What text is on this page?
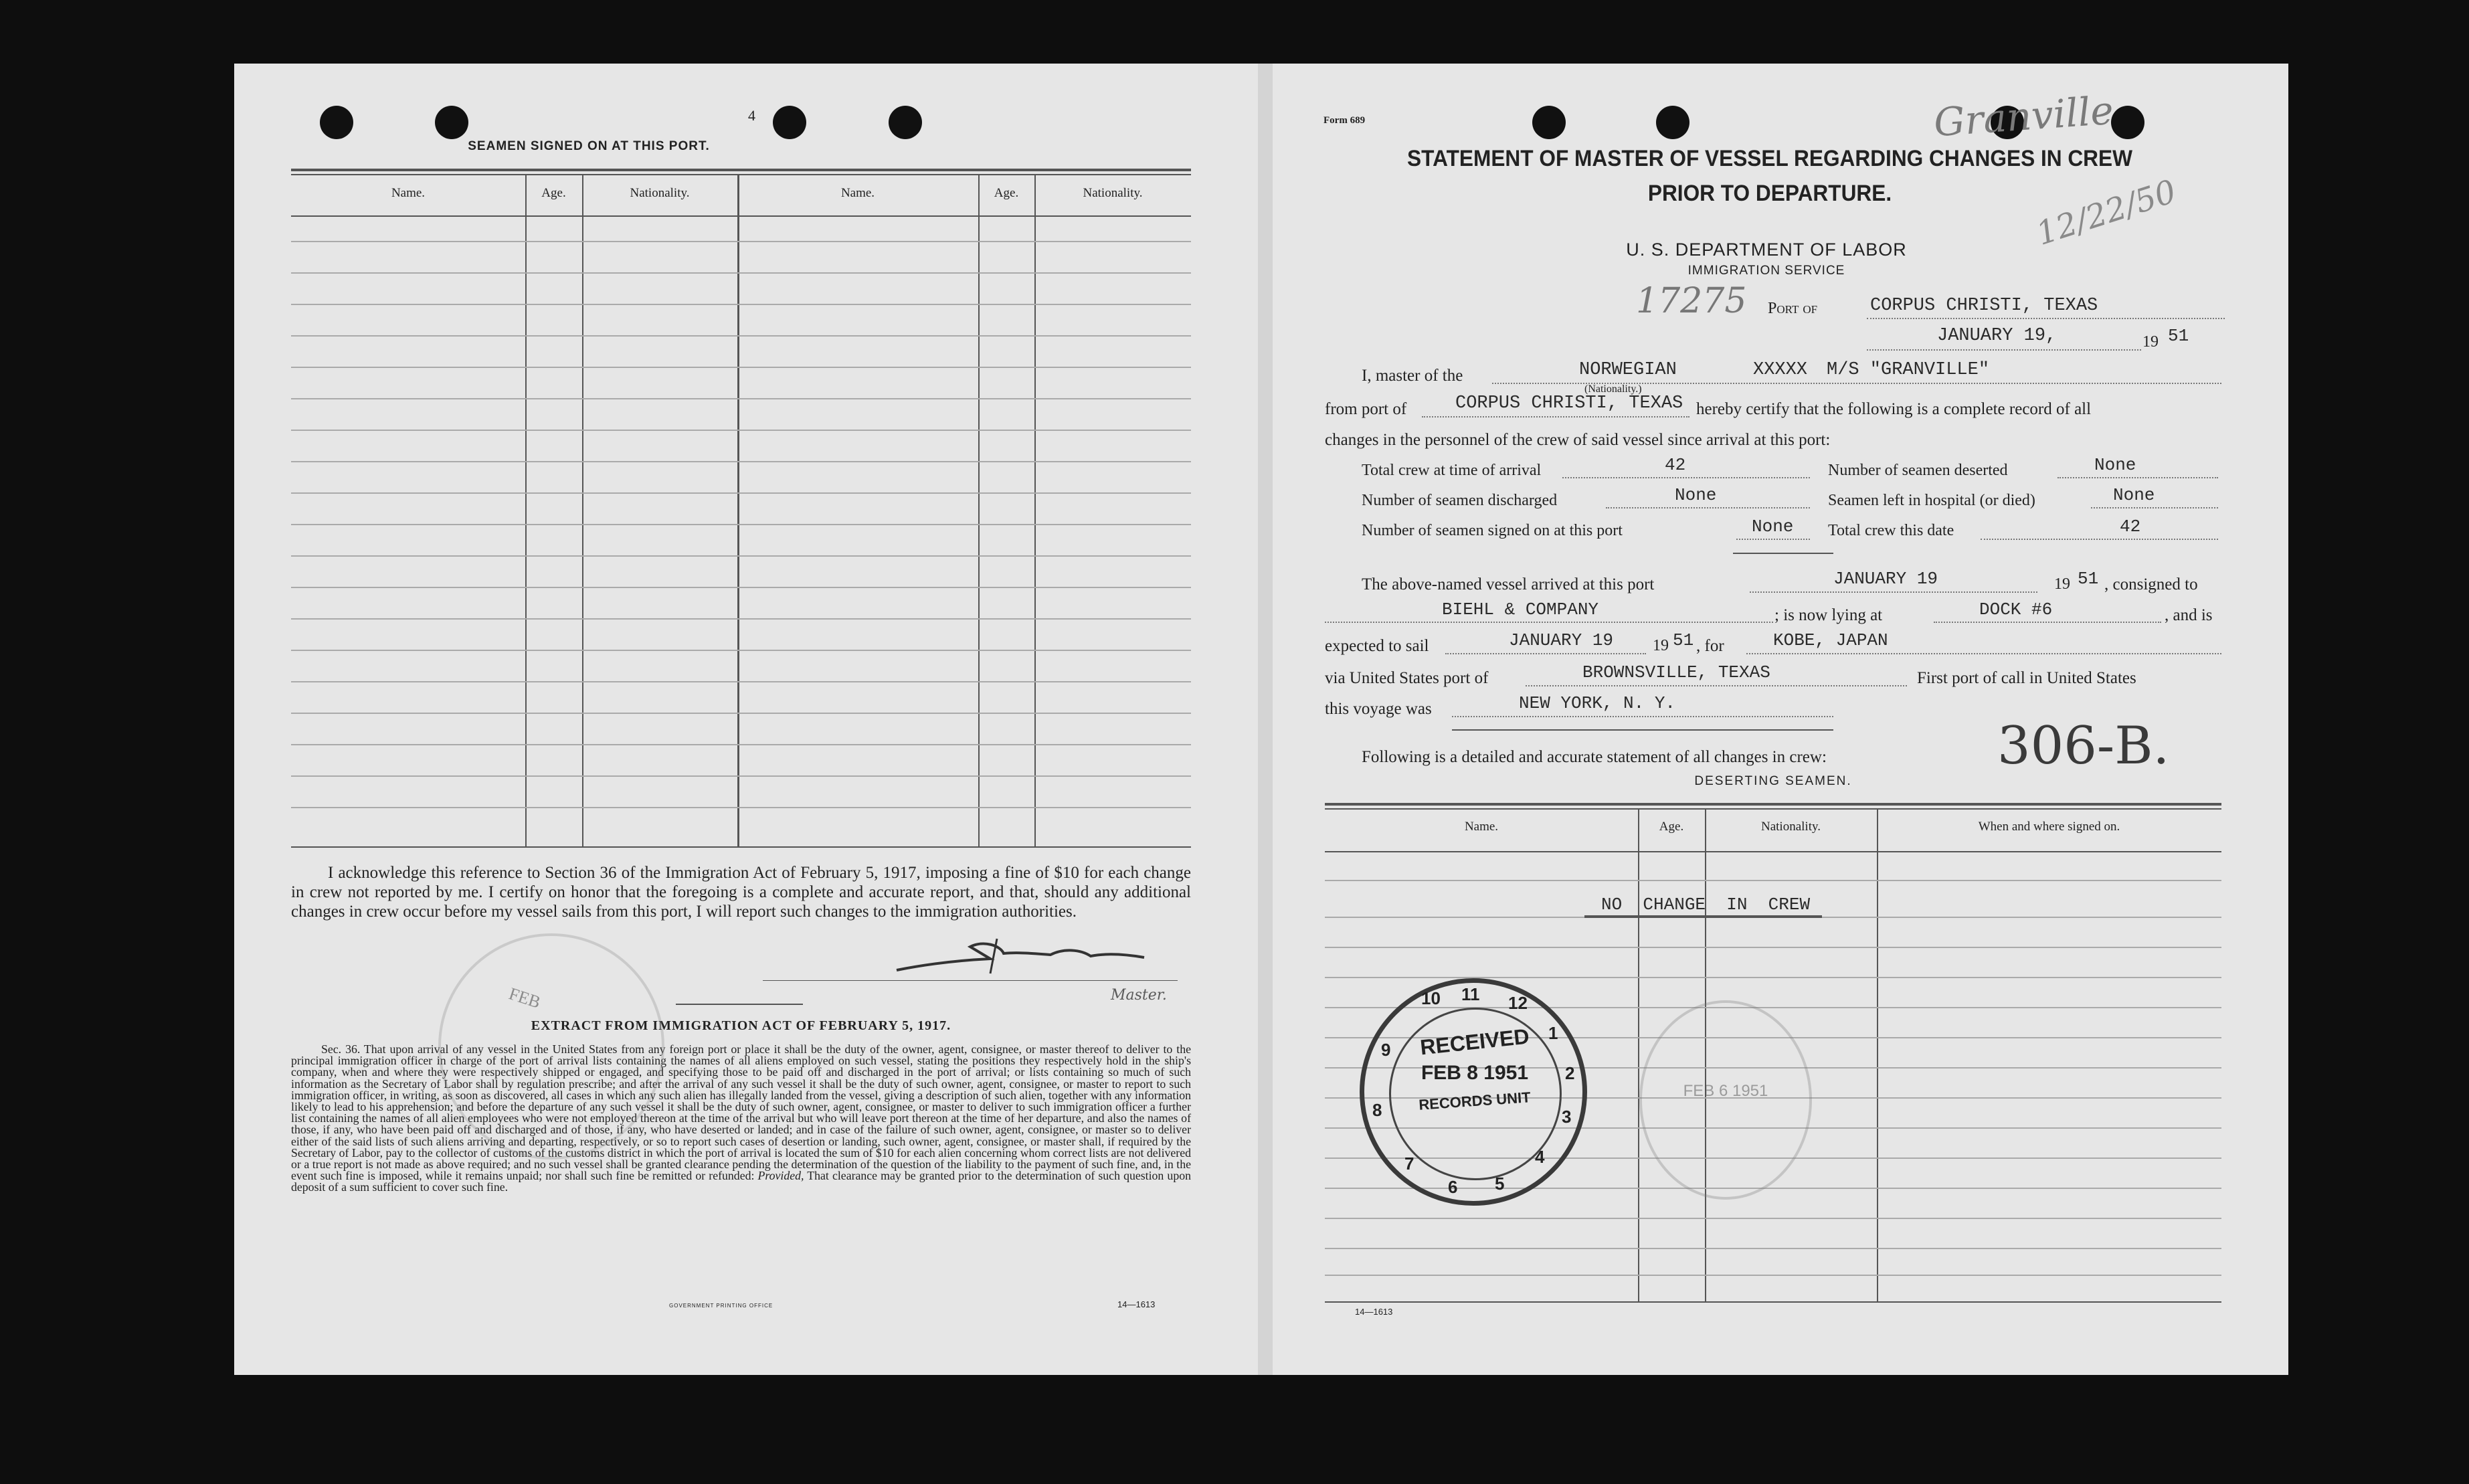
4
SEAMEN SIGNED ON AT THIS PORT.
Name.	Age.	Nationality.	Name.	Age.	Nationality.
I acknowledge this reference to Section 36 of the Immigration Act of February 5, 1917, imposing a fine of $10 for each change in crew not reported by me. I certify on honor that the foregoing is a complete and accurate report, and that, should any additional changes in crew occur before my vessel sails from this port, I will report such changes to the immigration authorities.
Master.
EXTRACT FROM IMMIGRATION ACT OF FEBRUARY 5, 1917.
Sec. 36. That upon arrival of any vessel in the United States from any foreign port or place it shall be the duty of the owner, agent, consignee, or master thereof to deliver to the principal immigration officer in charge of the port of arrival lists containing the names of all aliens employed on such vessel, stating the positions they respectively hold in the ship's company, when and where they were respectively shipped or engaged, and specifying those to be paid off and discharged in the port of arrival; or lists containing so much of such information as the Secretary of Labor shall by regulation prescribe; and after the arrival of any such vessel it shall be the duty of such owner, agent, consignee, or master to report to such immigration officer, in writing, as soon as discovered, all cases in which any such alien has illegally landed from the vessel, giving a description of such alien, together with any information likely to lead to his apprehension; and before the departure of any such vessel it shall be the duty of such owner, agent, consignee, or master to deliver to such immigration officer a further list containing the names of all alien employees who were not employed thereon at the time of the arrival but who will leave port thereon at the time of her departure, and also the names of those, if any, who have been paid off and discharged and of those, if any, who have deserted or landed; and in case of the failure of such owner, agent, consignee, or master so to deliver either of the said lists of such aliens arriving and departing, respectively, or so to report such cases of desertion or landing, such owner, agent, consignee, or master shall, if required by the Secretary of Labor, pay to the collector of customs of the customs district in which the port of arrival is located the sum of $10 for each alien concerning whom correct lists are not delivered or a true report is not made as above required; and no such vessel shall be granted clearance pending the determination of the question of the liability to the payment of such fine, and, in the event such fine is imposed, while it remains unpaid; nor shall such fine be remitted or refunded: Provided, That clearance may be granted prior to the determination of such question upon deposit of a sum sufficient to cover such fine.
GOVERNMENT PRINTING OFFICE	14—1613
FEB
Form 689	Granville
STATEMENT OF MASTER OF VESSEL REGARDING CHANGES IN CREW
PRIOR TO DEPARTURE.	12/22/50
U. S. DEPARTMENT OF LABOR
IMMIGRATION SERVICE
17275 Port of	CORPUS CHRISTI, TEXAS
JANUARY 19,	19 51
I, master of the	NORWEGIAN	XXXXX M/S "GRANVILLE"
(Nationality.)
from port of	CORPUS CHRISTI, TEXAS hereby certify that the following is a complete record of all
changes in the personnel of the crew of said vessel since arrival at this port:
Total crew at time of arrival	42	Number of seamen deserted	None
Number of seamen discharged	None	Seamen left in hospital (or died)	None
Number of seamen signed on at this port	None Total crew this date	42
The above-named vessel arrived at this port	JANUARY 19	19 51 , consigned to
BIEHL & COMPANY	; is now lying at	DOCK #6	, and is
expected to sail	JANUARY 19 19 51 , for	KOBE, JAPAN
via United States port of	BROWNSVILLE, TEXAS	First port of call in United States
this voyage was	NEW YORK, N. Y.
Following is a detailed and accurate statement of all changes in crew:	306-B.
DESERTING SEAMEN.
Name.	Age.	Nationality.	When and where signed on.
NO  CHANGE  IN  CREW
RECEIVED
FEB 8 1951
RECORDS UNIT
10 11 12
1
2
3
4
5
6
7
8
9
FEB 6 1951
14—1613
